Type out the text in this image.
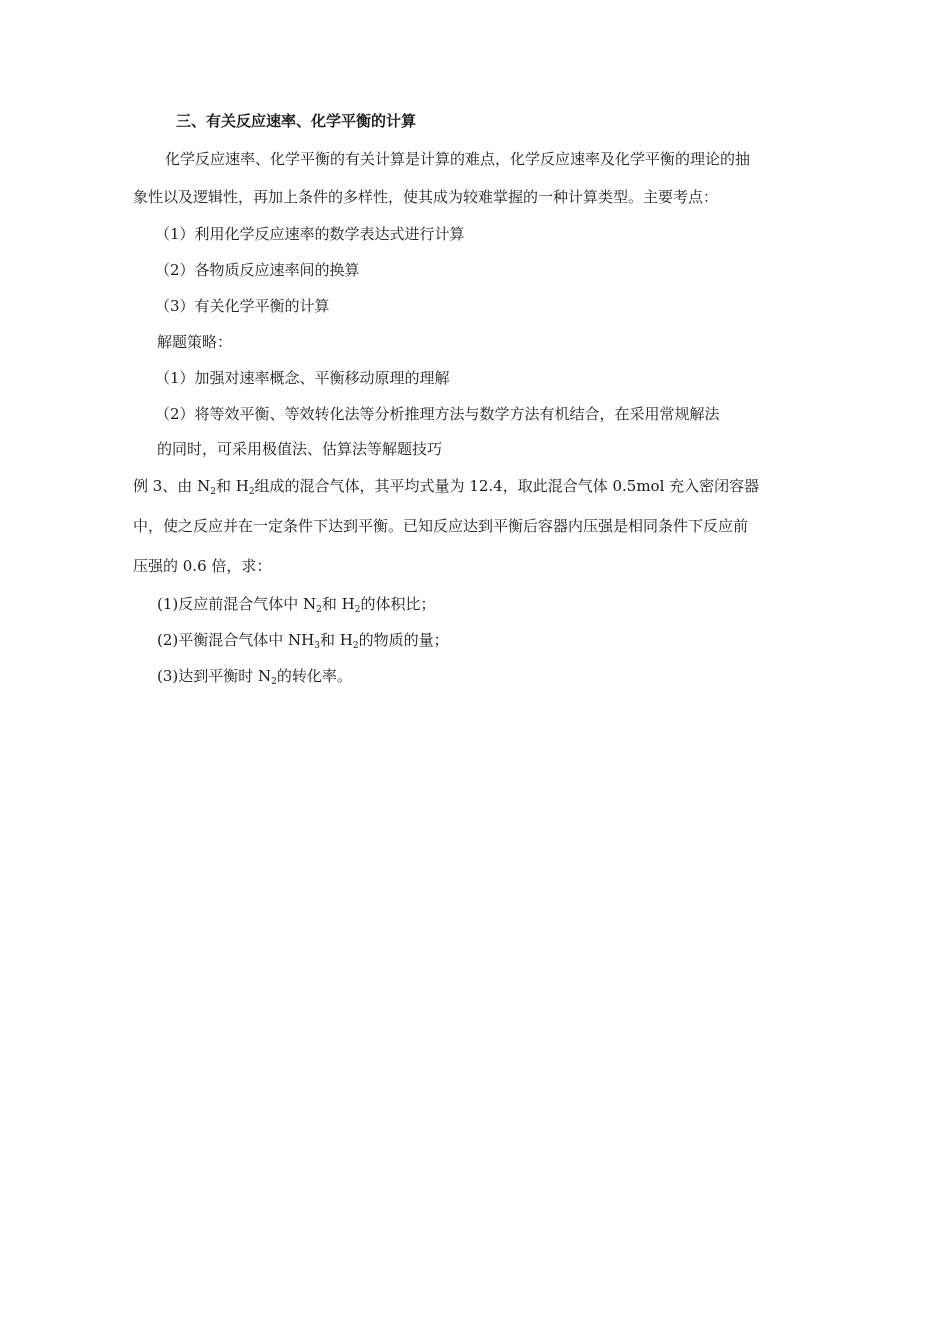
三、有关反应速率、化学平衡的计算
化学反应速率、化学平衡的有关计算是计算的难点，化学反应速率及化学平衡的理论的抽
象性以及逻辑性，再加上条件的多样性，使其成为较难掌握的一种计算类型。主要考点：
（1）利用化学反应速率的数学表达式进行计算
（2）各物质反应速率间的换算
（3）有关化学平衡的计算
解题策略：
（1）加强对速率概念、平衡移动原理的理解
（2）将等效平衡、等效转化法等分析推理方法与数学方法有机结合，在采用常规解法
的同时，可采用极值法、估算法等解题技巧
例 3、由 $N_2$和 $H_2$组成的混合气体，其平均式量为 12.4，取此混合气体 0.5mol 充入密闭容器
中，使之反应并在一定条件下达到平衡。已知反应达到平衡后容器内压强是相同条件下反应前
压强的 0.6 倍，求：
(1)反应前混合气体中 $N_2$和 $H_2$的体积比；
(2)平衡混合气体中 $NH_3$和 $H_2$的物质的量；
(3)达到平衡时 $N_2$的转化率。
